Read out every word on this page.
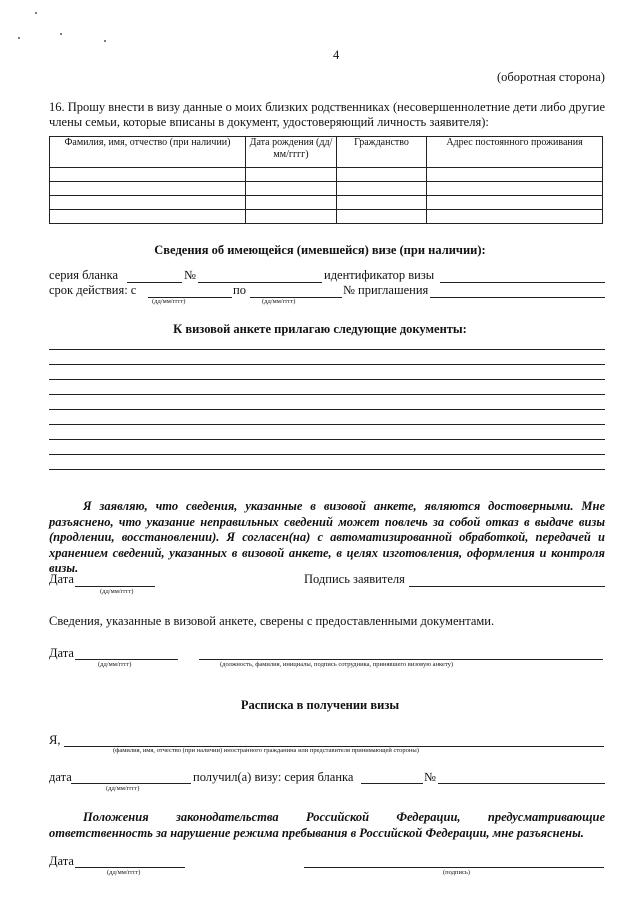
4
(оборотная сторона)
16. Прошу внести в визу данные о моих близких родственниках (несовершеннолетние дети либо другие члены семьи, которые вписаны в документ, удостоверяющий личность заявителя):
Фамилия, имя, отчество (при наличии)	Дата рождения (дд/мм/гггг)	Гражданство	Адрес постоянного проживания

Сведения об имеющейся (имевшейся) визе (при наличии):
серия бланка	№	идентификатор визы
срок действия: с	по	№ приглашения
(дд/мм/гггг)	(дд/мм/гггг)
К визовой анкете прилагаю следующие документы:
Я заявляю, что сведения, указанные в визовой анкете, являются достоверными. Мне разъяснено, что указание неправильных сведений может повлечь за собой отказ в выдаче визы (продлении, восстановлении). Я согласен(на) с автоматизированной обработкой, передачей и хранением сведений, указанных в визовой анкете, в целях изготовления, оформления и контроля визы.
Дата
(дд/мм/гггг)
Подпись заявителя
Сведения, указанные в визовой анкете, сверены с предоставленными документами.
Дата
(дд/мм/гггг)	(должность, фамилия, инициалы, подпись сотрудника, принявшего визовую анкету)
Расписка в получении визы
Я,
(фамилия, имя, отчество (при наличии) иностранного гражданина или представителя принимающей стороны)
дата
(дд/мм/гггг)
получил(а) визу: серия бланка	№
Положения законодательства Российской Федерации, предусматривающие ответственность за нарушение режима пребывания в Российской Федерации, мне разъяснены.
Дата
(дд/мм/гггг)	(подпись)
